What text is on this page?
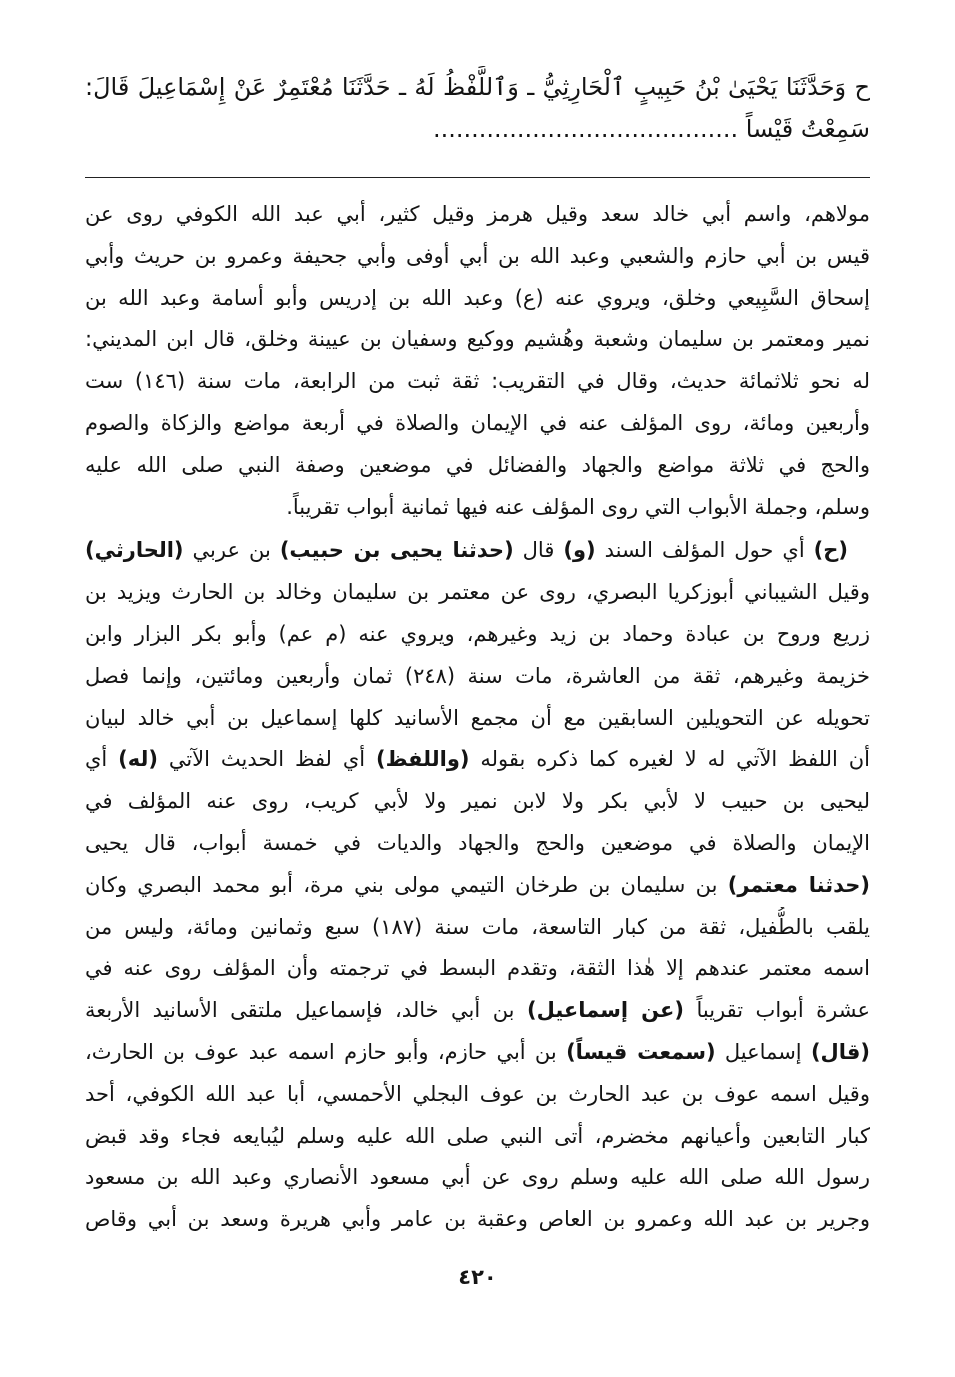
ح وَحَدَّثَنَا يَحْيَىٰ بْنُ حَبِيبٍ ٱلْحَارِثِيُّ ـ وَٱللَّفْظُ لَهُ ـ حَدَّثَنَا مُعْتَمِرٌ عَنْ إِسْمَاعِيلَ قَالَ:
سَمِعْتُ قَيْساً ........................................
مولاهم، واسم أبي خالد سعد وقيل هرمز وقيل كثير، أبي عبد الله الكوفي روى عن
قيس بن أبي حازم والشعبي وعبد الله بن أبي أوفى وأبي جحيفة وعمرو بن حريث وأبي
إسحاق السَّبِيعي وخلق، ويروي عنه (ع) وعبد الله بن إدريس وأبو أسامة وعبد الله بن
نمير ومعتمر بن سليمان وشعبة وهُشيم ووكيع وسفيان بن عيينة وخلق، قال ابن المديني:
له نحو ثلاثمائة حديث، وقال في التقريب: ثقة ثبت من الرابعة، مات سنة (١٤٦) ست
وأربعين ومائة، روى المؤلف عنه في الإيمان والصلاة في أربعة مواضع والزكاة والصوم
والحج في ثلاثة مواضع والجهاد والفضائل في موضعين وصفة النبي صلى الله عليه
وسلم، وجملة الأبواب التي روى المؤلف عنه فيها ثمانية أبواب تقريباً.
(ح) أي حول المؤلف السند (و) قال (حدثنا يحيى بن حبيب) بن عربي (الحارثي)
وقيل الشيباني أبوزكريا البصري، روى عن معتمر بن سليمان وخالد بن الحارث ويزيد بن
زريع وروح بن عبادة وحماد بن زيد وغيرهم، ويروي عنه (م عم) وأبو بكر البزار وابن
خزيمة وغيرهم، ثقة من العاشرة، مات سنة (٢٤٨) ثمان وأربعين ومائتين، وإنما فصل
تحويله عن التحويلين السابقين مع أن مجمع الأسانيد كلها إسماعيل بن أبي خالد لبيان
أن اللفظ الآتي له لا لغيره كما ذكره بقوله (واللفظ) أي لفظ الحديث الآتي (له) أي
ليحيى بن حبيب لا لأبي بكر ولا لابن نمير ولا لأبي كريب، روى عنه المؤلف في
الإيمان والصلاة في موضعين والحج والجهاد والديات في خمسة أبواب، قال يحيى
(حدثنا معتمر) بن سليمان بن طرخان التيمي مولى بني مرة، أبو محمد البصري وكان
يلقب بالطُّفيل، ثقة من كبار التاسعة، مات سنة (١٨٧) سبع وثمانين ومائة، وليس من
اسمه معتمر عندهم إلا هٰذا الثقة، وتقدم البسط في ترجمته وأن المؤلف روى عنه في
عشرة أبواب تقريباً (عن إسماعيل) بن أبي خالد، فإسماعيل ملتقى الأسانيد الأربعة
(قال) إسماعيل (سمعت قيساً) بن أبي حازم، وأبو حازم اسمه عبد عوف بن الحارث،
وقيل اسمه عوف بن عبد الحارث بن عوف البجلي الأحمسي، أبا عبد الله الكوفي، أحد
كبار التابعين وأعيانهم مخضرم، أتى النبي صلى الله عليه وسلم ليُبايعه فجاء وقد قبض
رسول الله صلى الله عليه وسلم روى عن أبي مسعود الأنصاري وعبد الله بن مسعود
وجرير بن عبد الله وعمرو بن العاص وعقبة بن عامر وأبي هريرة وسعد بن أبي وقاص
٤٢٠
